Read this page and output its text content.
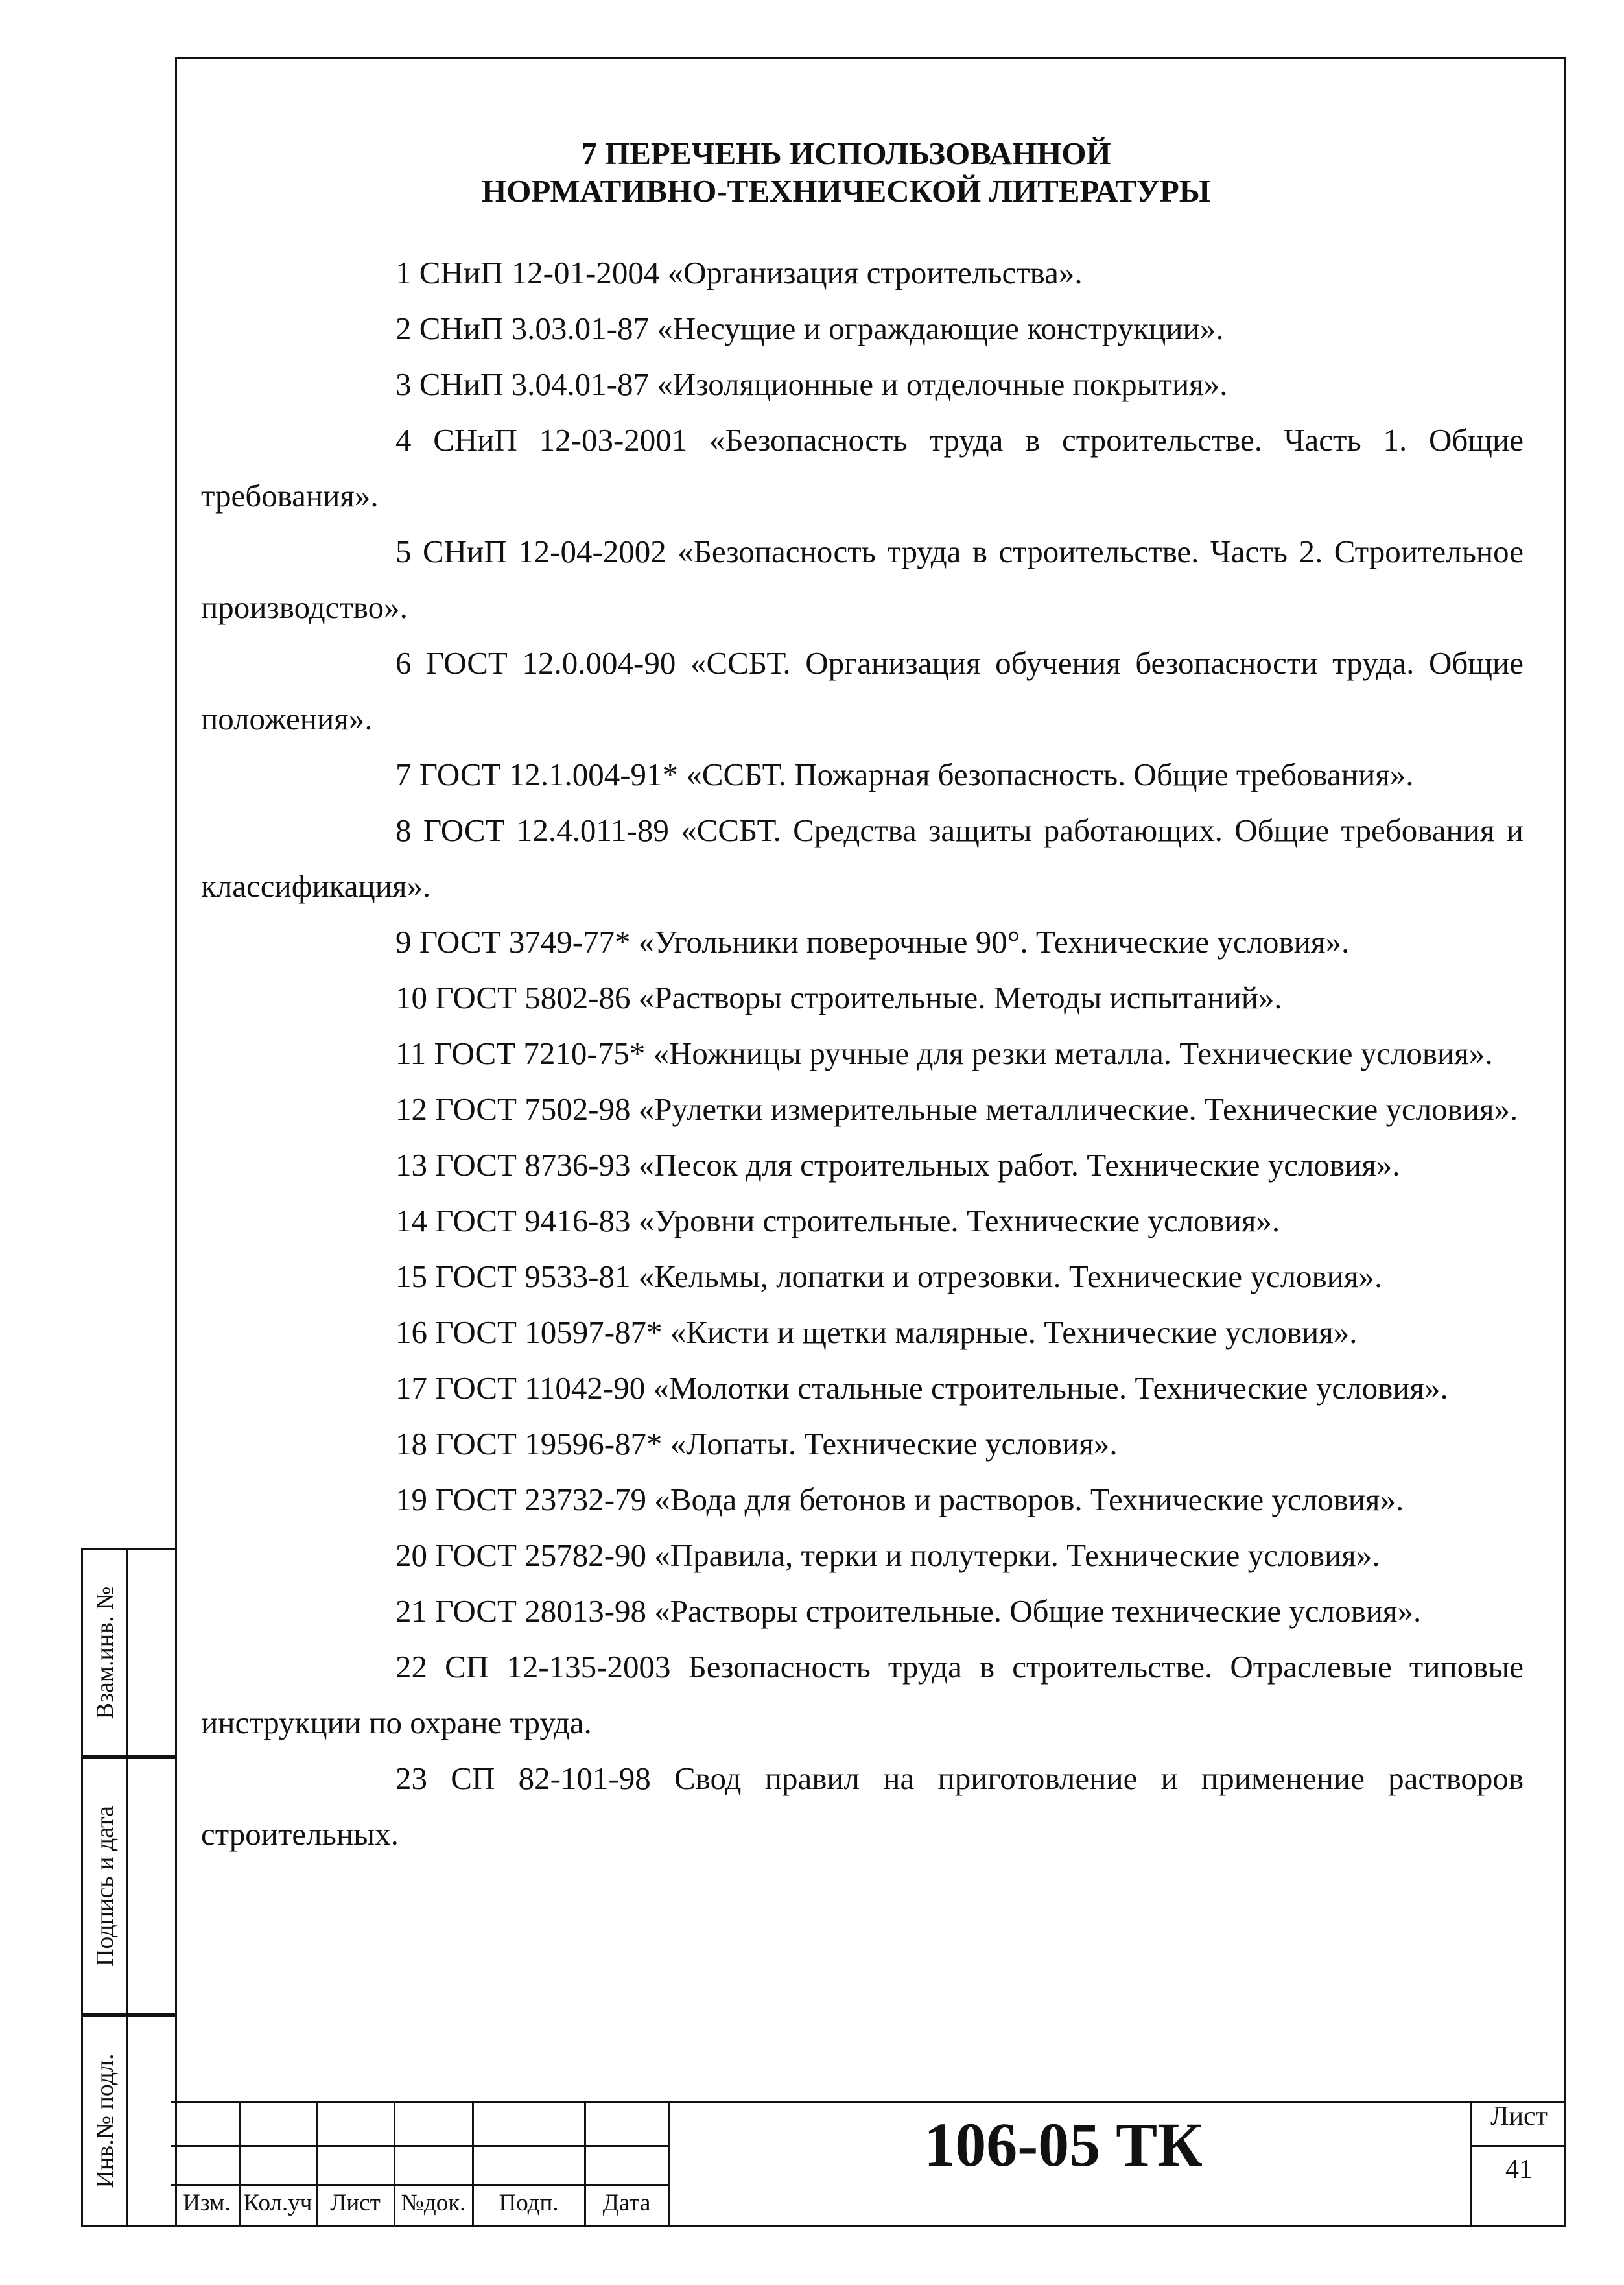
7 ПЕРЕЧЕНЬ ИСПОЛЬЗОВАННОЙ
НОРМАТИВНО-ТЕХНИЧЕСКОЙ ЛИТЕРАТУРЫ

1 СНиП 12-01-2004 «Организация строительства».

2 СНиП 3.03.01-87 «Несущие и ограждающие конструкции».

3 СНиП 3.04.01-87 «Изоляционные и отделочные покрытия».

4 СНиП 12-03-2001 «Безопасность труда в строительстве. Часть 1. Общие требования».

5 СНиП 12-04-2002 «Безопасность труда в строительстве. Часть 2. Строительное производство».

6 ГОСТ 12.0.004-90 «ССБТ. Организация обучения безопасности труда. Общие положения».

7 ГОСТ 12.1.004-91* «ССБТ. Пожарная безопасность. Общие требования».

8 ГОСТ 12.4.011-89 «ССБТ. Средства защиты работающих. Общие требования и классификация».

9 ГОСТ 3749-77* «Угольники поверочные 90°. Технические условия».

10 ГОСТ 5802-86 «Растворы строительные. Методы испытаний».

11 ГОСТ 7210-75* «Ножницы ручные для резки металла. Технические условия».

12 ГОСТ 7502-98 «Рулетки измерительные металлические. Технические условия».

13 ГОСТ 8736-93 «Песок для строительных работ. Технические условия».

14 ГОСТ 9416-83 «Уровни строительные. Технические условия».

15 ГОСТ 9533-81 «Кельмы, лопатки и отрезовки. Технические условия».

16 ГОСТ 10597-87* «Кисти и щетки малярные. Технические условия».

17 ГОСТ 11042-90 «Молотки стальные строительные. Технические условия».

18 ГОСТ 19596-87* «Лопаты. Технические условия».

19 ГОСТ 23732-79 «Вода для бетонов и растворов. Технические условия».

20 ГОСТ 25782-90 «Правила, терки и полутерки. Технические условия».

21 ГОСТ 28013-98 «Растворы строительные. Общие технические условия».

22 СП 12-135-2003 Безопасность труда в строительстве. Отраслевые типовые инструкции по охране труда.

23 СП 82-101-98 Свод правил на приготовление и применение растворов строительных.

Взам.инв. №
Подпись и дата
Инв.№ подл.
Изм. Кол.уч Лист №док.	Подп.	Дата
106-05 ТК	Лист
41
